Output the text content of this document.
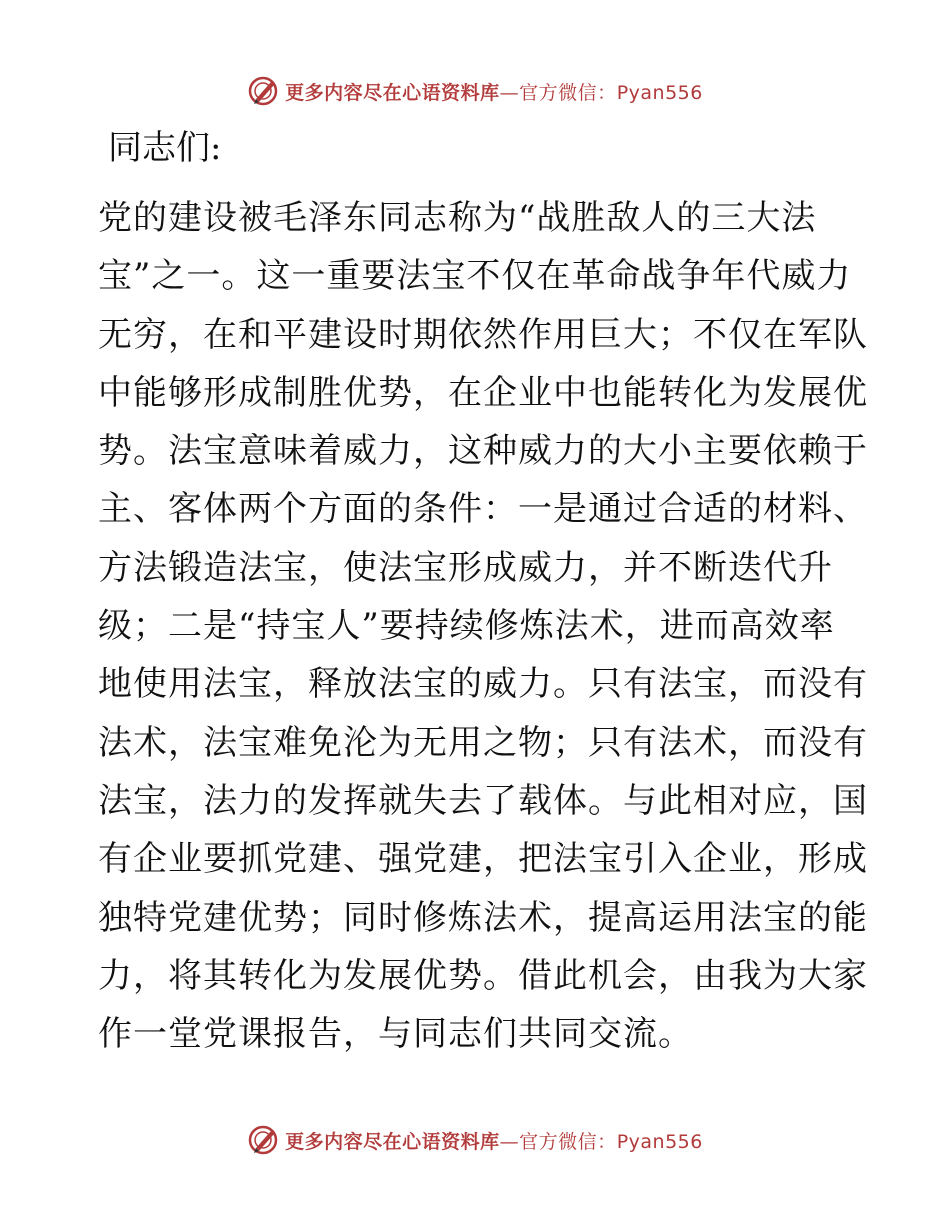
更多内容尽在心语资料库—官方微信：Pyan556

同志们:

党的建设被毛泽东同志称为“战胜敌人的三大法
宝”之一。这一重要法宝不仅在革命战争年代威力
无穷，在和平建设时期依然作用巨大；不仅在军队
中能够形成制胜优势，在企业中也能转化为发展优
势。法宝意味着威力，这种威力的大小主要依赖于
主、客体两个方面的条件：一是通过合适的材料、
方法锻造法宝，使法宝形成威力，并不断迭代升
级；二是“持宝人”要持续修炼法术，进而高效率
地使用法宝，释放法宝的威力。只有法宝，而没有
法术，法宝难免沦为无用之物；只有法术，而没有
法宝，法力的发挥就失去了载体。与此相对应，国
有企业要抓党建、强党建，把法宝引入企业，形成
独特党建优势；同时修炼法术，提高运用法宝的能
力，将其转化为发展优势。借此机会，由我为大家
作一堂党课报告，与同志们共同交流。
更多内容尽在心语资料库—官方微信：Pyan556
